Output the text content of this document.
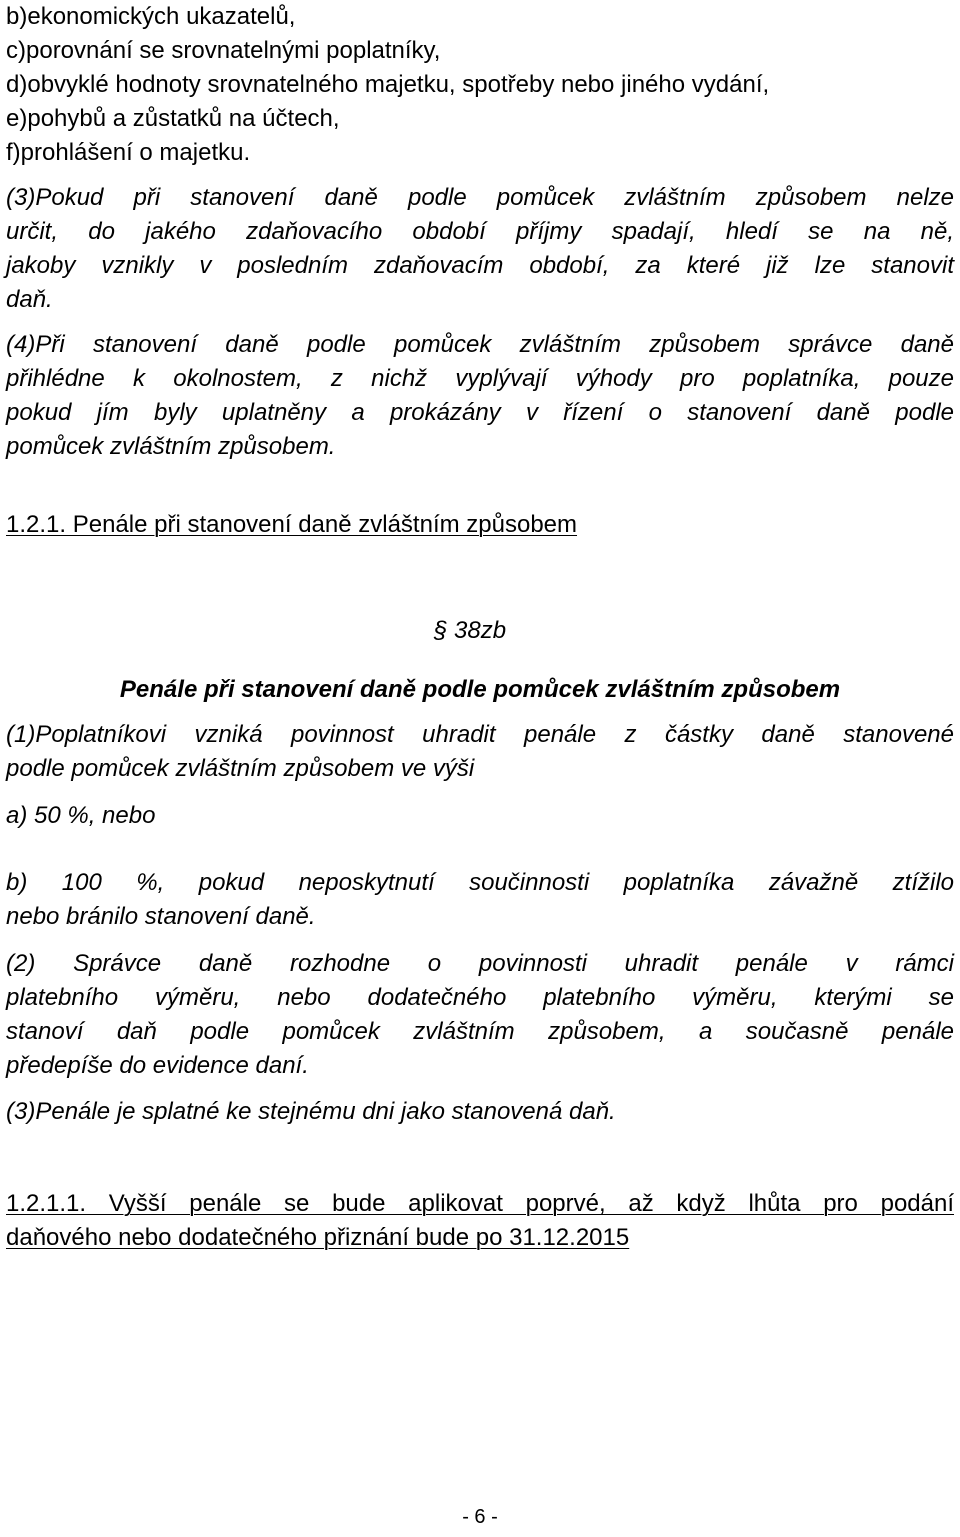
b)ekonomických ukazatelů,

c)porovnání se srovnatelnými poplatníky,

d)obvyklé hodnoty srovnatelného majetku, spotřeby nebo jiného vydání,

e)pohybů a zůstatků na účtech,

f)prohlášení o majetku.

(3)Pokud při stanovení daně podle pomůcek zvláštním způsobem nelze

určit, do jakého zdaňovacího období příjmy spadají, hledí se na ně,

jakoby vznikly v posledním zdaňovacím období, za které již lze stanovit

daň.

(4)Při stanovení daně podle pomůcek zvláštním způsobem správce daně

přihlédne k okolnostem, z nichž vyplývají výhody pro poplatníka, pouze

pokud jím byly uplatněny a prokázány v řízení o stanovení daně podle

pomůcek zvláštním způsobem.

1.2.1. Penále při stanovení daně zvláštním způsobem

§ 38zb

Penále při stanovení daně podle pomůcek zvláštním způsobem

(1)Poplatníkovi vzniká povinnost uhradit penále z částky daně stanovené

podle pomůcek zvláštním způsobem ve výši

a) 50 %, nebo

b) 100 %, pokud neposkytnutí součinnosti poplatníka závažně ztížilo

nebo bránilo stanovení daně.

(2) Správce daně rozhodne o povinnosti uhradit penále v rámci

platebního výměru, nebo dodatečného platebního výměru, kterými se

stanoví daň podle pomůcek zvláštním způsobem, a současně penále

předepíše do evidence daní.

(3)Penále je splatné ke stejnému dni jako stanovená daň.

1.2.1.1. Vyšší penále se bude aplikovat poprvé, až když lhůta pro podání

daňového nebo dodatečného přiznání bude po 31.12.2015

- 6 -
